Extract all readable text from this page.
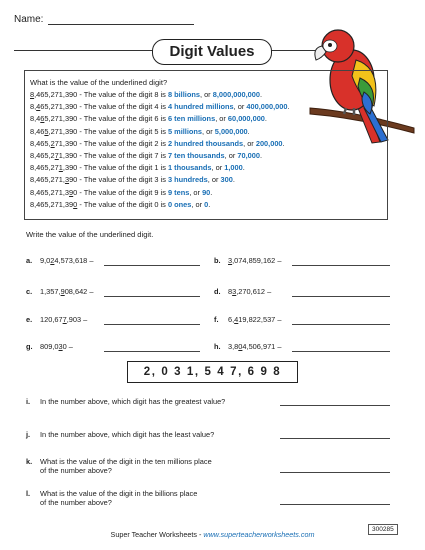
Name:
Digit Values
What is the value of the underlined digit?
8,465,271,390 - The value of the digit 8 is 8 billions, or 8,000,000,000.
8,465,271,390 - The value of the digit 4 is 4 hundred millions, or 400,000,000.
8,465,271,390 - The value of the digit 6 is 6 ten millions, or 60,000,000.
8,465,271,390 - The value of the digit 5 is 5 millions, or 5,000,000.
8,465,271,390 - The value of the digit 2 is 2 hundred thousands, or 200,000.
8,465,271,390 - The value of the digit 7 is 7 ten thousands, or 70,000.
8,465,271,390 - The value of the digit 1 is 1 thousands, or 1,000.
8,465,271,390 - The value of the digit 3 is 3 hundreds, or 300.
8,465,271,390 - The value of the digit 9 is 9 tens, or 90.
8,465,271,390 - The value of the digit 0 is 0 ones, or 0.
Write the value of the underlined digit.
a. 9,024,573,618 –	b. 3,074,859,162 –
c. 1,357,908,642 –	d. 83,270,612 –
e. 120,677,903 –	f. 6,419,822,537 –
g. 809,030 –	h. 3,804,506,971 –
2, 0 3 1, 5 4 7, 6 9 8
i. In the number above, which digit has the greatest value?
j. In the number above, which digit has the least value?
k. What is the value of the digit in the ten millions place
of the number above?
l. What is the value of the digit in the billions place
of the number above?
Super Teacher Worksheets - www.superteacherworksheets.com
300285
